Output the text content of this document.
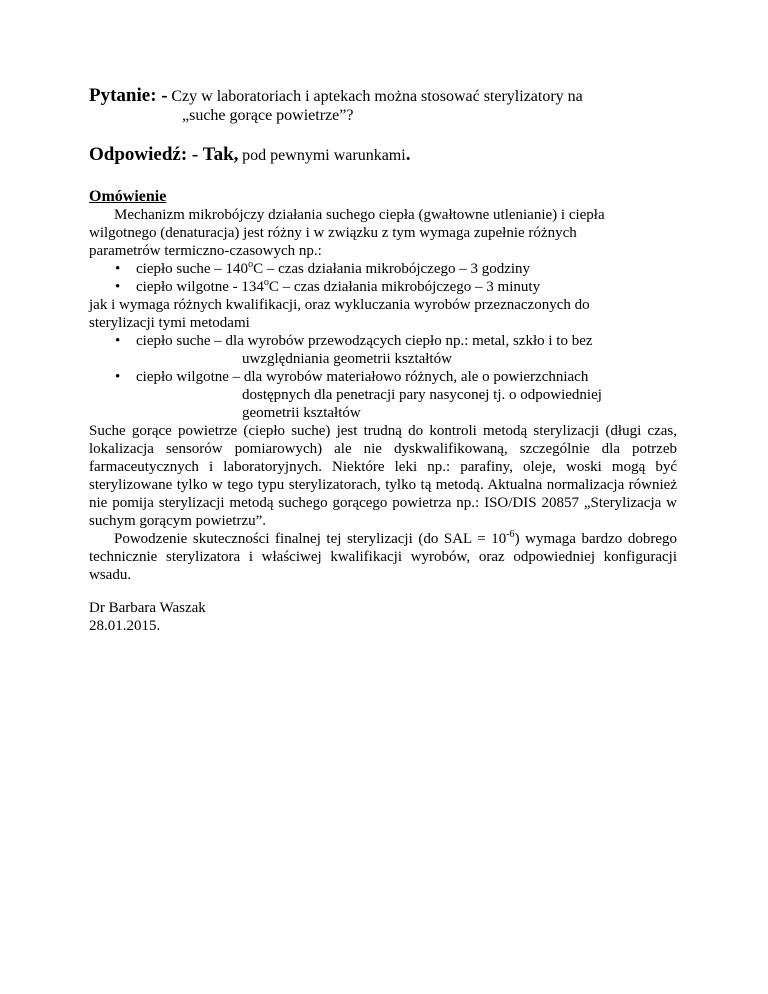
Pytanie: - Czy w laboratoriach i aptekach można stosować sterylizatory na
„suche gorące powietrze”?
Odpowiedź: - Tak, pod pewnymi warunkami.
Omówienie

Mechanizm mikrobójczy działania suchego ciepła (gwałtowne utlenianie) i ciepła

wilgotnego (denaturacja) jest różny i w związku z tym wymaga zupełnie różnych

parametrów termiczno-czasowych np.:

• ciepło suche – 140$^o$C – czas działania mikrobójczego – 3 godziny
• ciepło wilgotne - 134$^o$C – czas działania mikrobójczego – 3 minuty

jak i wymaga różnych kwalifikacji, oraz wykluczania wyrobów przeznaczonych do

sterylizacji tymi metodami

• ciepło suche – dla wyrobów przewodzących ciepło np.: metal, szkło i to bez
uwzględniania geometrii kształtów
• ciepło wilgotne – dla wyrobów materiałowo różnych, ale o powierzchniach
dostępnych dla penetracji pary nasyconej tj. o odpowiedniej
geometrii kształtów

Suche gorące powietrze (ciepło suche) jest trudną do kontroli metodą sterylizacji (długi czas, lokalizacja sensorów pomiarowych) ale nie dyskwalifikowaną, szczególnie dla potrzeb farmaceutycznych i laboratoryjnych. Niektóre leki np.: parafiny, oleje, woski mogą być sterylizowane tylko w tego typu sterylizatorach, tylko tą metodą. Aktualna normalizacja również nie pomija sterylizacji metodą suchego gorącego powietrza np.: ISO/DIS 20857 „Sterylizacja w suchym gorącym powietrzu”.

Powodzenie skuteczności finalnej tej sterylizacji (do SAL = $10^{-6}$) wymaga bardzo dobrego technicznie sterylizatora i właściwej kwalifikacji wyrobów, oraz odpowiedniej konfiguracji wsadu.

Dr Barbara Waszak

28.01.2015.
